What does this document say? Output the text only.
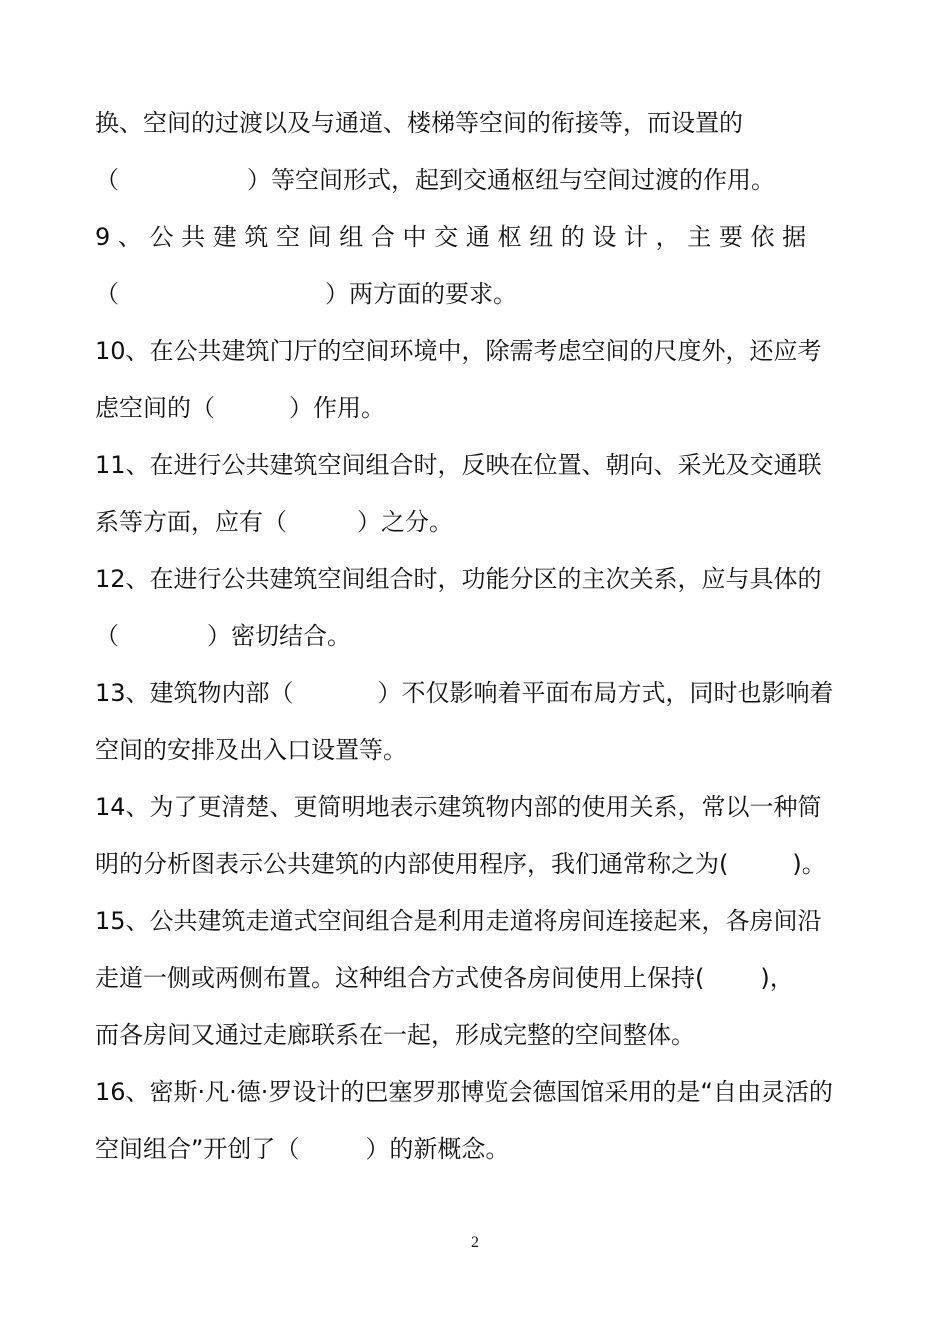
换、空间的过渡以及与通道、楼梯等空间的衔接等，而设置的
（	）等空间形式，起到交通枢纽与空间过渡的作用。
9 、 公 共 建 筑 空 间 组 合 中 交 通 枢 纽 的 设 计 ， 主 要 依 据
（	）两方面的要求。
10、在公共建筑门厅的空间环境中，除需考虑空间的尺度外，还应考
虑空间的（	）作用。
11、在进行公共建筑空间组合时，反映在位置、朝向、采光及交通联
系等方面，应有（	）之分。
12、在进行公共建筑空间组合时，功能分区的主次关系，应与具体的
（	）密切结合。
13、建筑物内部（	）不仅影响着平面布局方式，同时也影响着
空间的安排及出入口设置等。
14、为了更清楚、更简明地表示建筑物内部的使用关系，常以一种简
明的分析图表示公共建筑的内部使用程序，我们通常称之为(	)。
15、公共建筑走道式空间组合是利用走道将房间连接起来，各房间沿
走道一侧或两侧布置。这种组合方式使各房间使用上保持( )，
而各房间又通过走廊联系在一起，形成完整的空间整体。
16、密斯·凡·德·罗设计的巴塞罗那博览会德国馆采用的是“自由灵活的
空间组合”开创了（	）的新概念。
2
